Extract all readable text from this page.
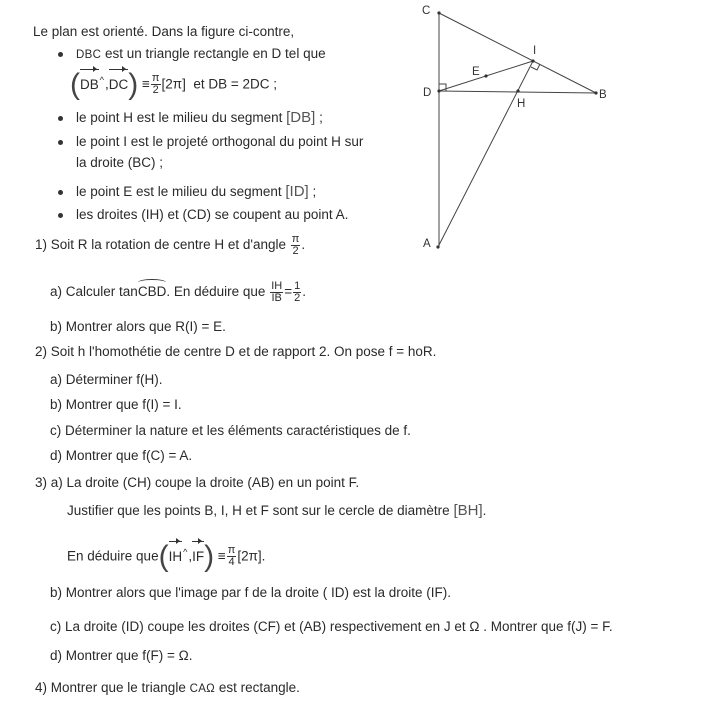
Le plan est orienté. Dans la figure ci-contre,
DBC est un triangle rectangle en D tel que
$(DB^{\^{}},DC) \equiv \frac{\pi}{2} [2\pi]$ et DB = 2DC ;
le point H est le milieu du segment [DB] ;
le point I est le projeté orthogonal du point H sur
la droite (BC) ;
le point E est le milieu du segment [ID] ;
les droites (IH) et (CD) se coupent au point A.
1) Soit R la rotation de centre H et d'angle $\frac{\pi}{2}$ .
a) Calculer tanCBD. En déduire que $\frac{IH}{IB} = \frac{1}{2}$ .
b) Montrer alors que R(I) = E.
2) Soit h l'homothétie de centre D et de rapport 2. On pose f = hoR.
a) Déterminer f(H).
b) Montrer que f(I) = I.
c) Déterminer la nature et les éléments caractéristiques de f.
d) Montrer que f(C) = A.
3) a) La droite (CH) coupe la droite (AB) en un point F.
Justifier que les points B, I, H et F sont sur le cercle de diamètre [BH].
En déduire $que(IH^{\^{}},IF) \equiv \frac{\pi}{4} [2\pi]$.
b) Montrer alors que l'image par f de la droite ( ID) est la droite (IF).
c) La droite (ID) coupe les droites (CF) et (AB) respectivement en J et Ω . Montrer que f(J) = F.
d) Montrer que f(F) = Ω.
4) Montrer que le triangle CAΩ est rectangle.
C
D	B
I
E
H
A
